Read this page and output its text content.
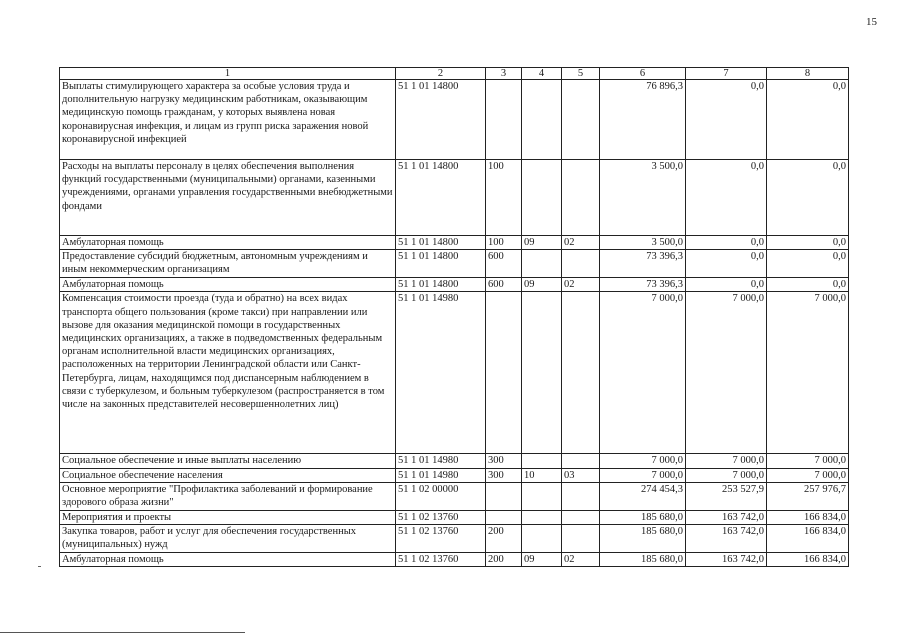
15
1	2	3	4	5	6	7	8
Выплаты стимулирующего характера за особые условия труда и дополнительную нагрузку медицинским работникам, оказывающим медицинскую помощь гражданам, у которых выявлена новая коронавирусная инфекция, и лицам из групп риска заражения новой коронавирусной инфекцией	51 1 01 14800				76 896,3	0,0	0,0
Расходы на выплаты персоналу в целях обеспечения выполнения функций государственными (муниципальными) органами, казенными учреждениями, органами управления государственными внебюджетными фондами	51 1 01 14800	100			3 500,0	0,0	0,0
Амбулаторная помощь	51 1 01 14800	100	09	02	3 500,0	0,0	0,0
Предоставление субсидий бюджетным, автономным учреждениям и иным некоммерческим организациям	51 1 01 14800	600			73 396,3	0,0	0,0
Амбулаторная помощь	51 1 01 14800	600	09	02	73 396,3	0,0	0,0
Компенсация стоимости проезда (туда и обратно) на всех видах транспорта общего пользования (кроме такси) при направлении или вызове для оказания медицинской помощи в государственных медицинских организациях, а также в подведомственных федеральным органам исполнительной власти медицинских организациях, расположенных на территории Ленинградской области или Санкт-Петербурга, лицам, находящимся под диспансерным наблюдением в связи с туберкулезом, и больным туберкулезом (распространяется в том числе на законных представителей несовершеннолетних лиц)	51 1 01 14980				7 000,0	7 000,0	7 000,0
Социальное обеспечение и иные выплаты населению	51 1 01 14980	300			7 000,0	7 000,0	7 000,0
Социальное обеспечение населения	51 1 01 14980	300	10	03	7 000,0	7 000,0	7 000,0
Основное мероприятие "Профилактика заболеваний и формирование здорового образа жизни"	51 1 02 00000				274 454,3	253 527,9	257 976,7
Мероприятия и проекты	51 1 02 13760				185 680,0	163 742,0	166 834,0
Закупка товаров, работ и услуг для обеспечения государственных (муниципальных) нужд	51 1 02 13760	200			185 680,0	163 742,0	166 834,0
Амбулаторная помощь	51 1 02 13760	200	09	02	185 680,0	163 742,0	166 834,0
